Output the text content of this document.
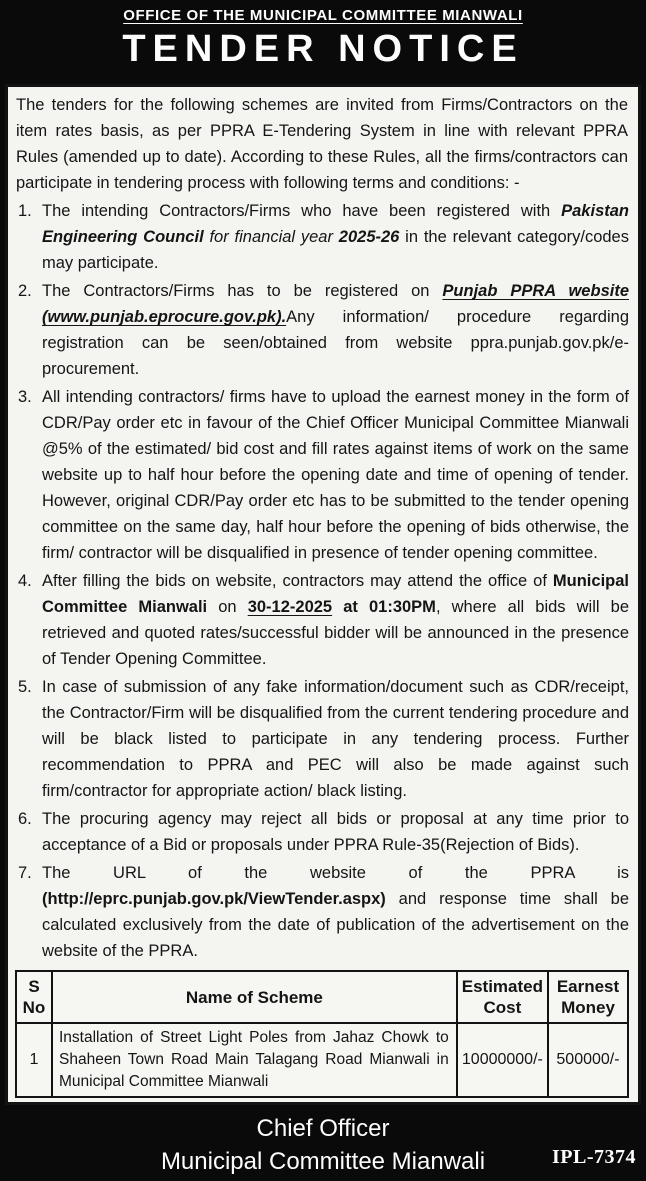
OFFICE OF THE MUNICIPAL COMMITTEE MIANWALI
TENDER NOTICE

The tenders for the following schemes are invited from Firms/Contractors on the item rates basis, as per PPRA E-Tendering System in line with relevant PPRA Rules (amended up to date). According to these Rules, all the firms/contractors can participate in tendering process with following terms and conditions: -

1. The intending Contractors/Firms who have been registered with Pakistan Engineering Council for financial year 2025-26 in the relevant category/codes may participate.
2. The Contractors/Firms has to be registered on Punjab PPRA website (www.punjab.eprocure.gov.pk).Any information/ procedure regarding registration can be seen/obtained from website ppra.punjab.gov.pk/e-procurement.
3. All intending contractors/ firms have to upload the earnest money in the form of CDR/Pay order etc in favour of the Chief Officer Municipal Committee Mianwali @5% of the estimated/ bid cost and fill rates against items of work on the same website up to half hour before the opening date and time of opening of tender. However, original CDR/Pay order etc has to be submitted to the tender opening committee on the same day, half hour before the opening of bids otherwise, the firm/ contractor will be disqualified in presence of tender opening committee.
4. After filling the bids on website, contractors may attend the office of Municipal Committee Mianwali on 30-12-2025 at 01:30PM, where all bids will be retrieved and quoted rates/successful bidder will be announced in the presence of Tender Opening Committee.
5. In case of submission of any fake information/document such as CDR/receipt, the Contractor/Firm will be disqualified from the current tendering procedure and will be black listed to participate in any tendering process. Further recommendation to PPRA and PEC will also be made against such firm/contractor for appropriate action/ black listing.
6. The procuring agency may reject all bids or proposal at any time prior to acceptance of a Bid or proposals under PPRA Rule-35(Rejection of Bids).
7. The URL of the website of the PPRA is (http://eprc.punjab.gov.pk/ViewTender.aspx) and response time shall be calculated exclusively from the date of publication of the advertisement on the website of the PPRA.
S No	Name of Scheme	Estimated Cost	Earnest Money
1	Installation of Street Light Poles from Jahaz Chowk to Shaheen Town Road Main Talagang Road Mianwali in Municipal Committee Mianwali	10000000/-	500000/-
Chief Officer
Municipal Committee Mianwali	IPL-7374
